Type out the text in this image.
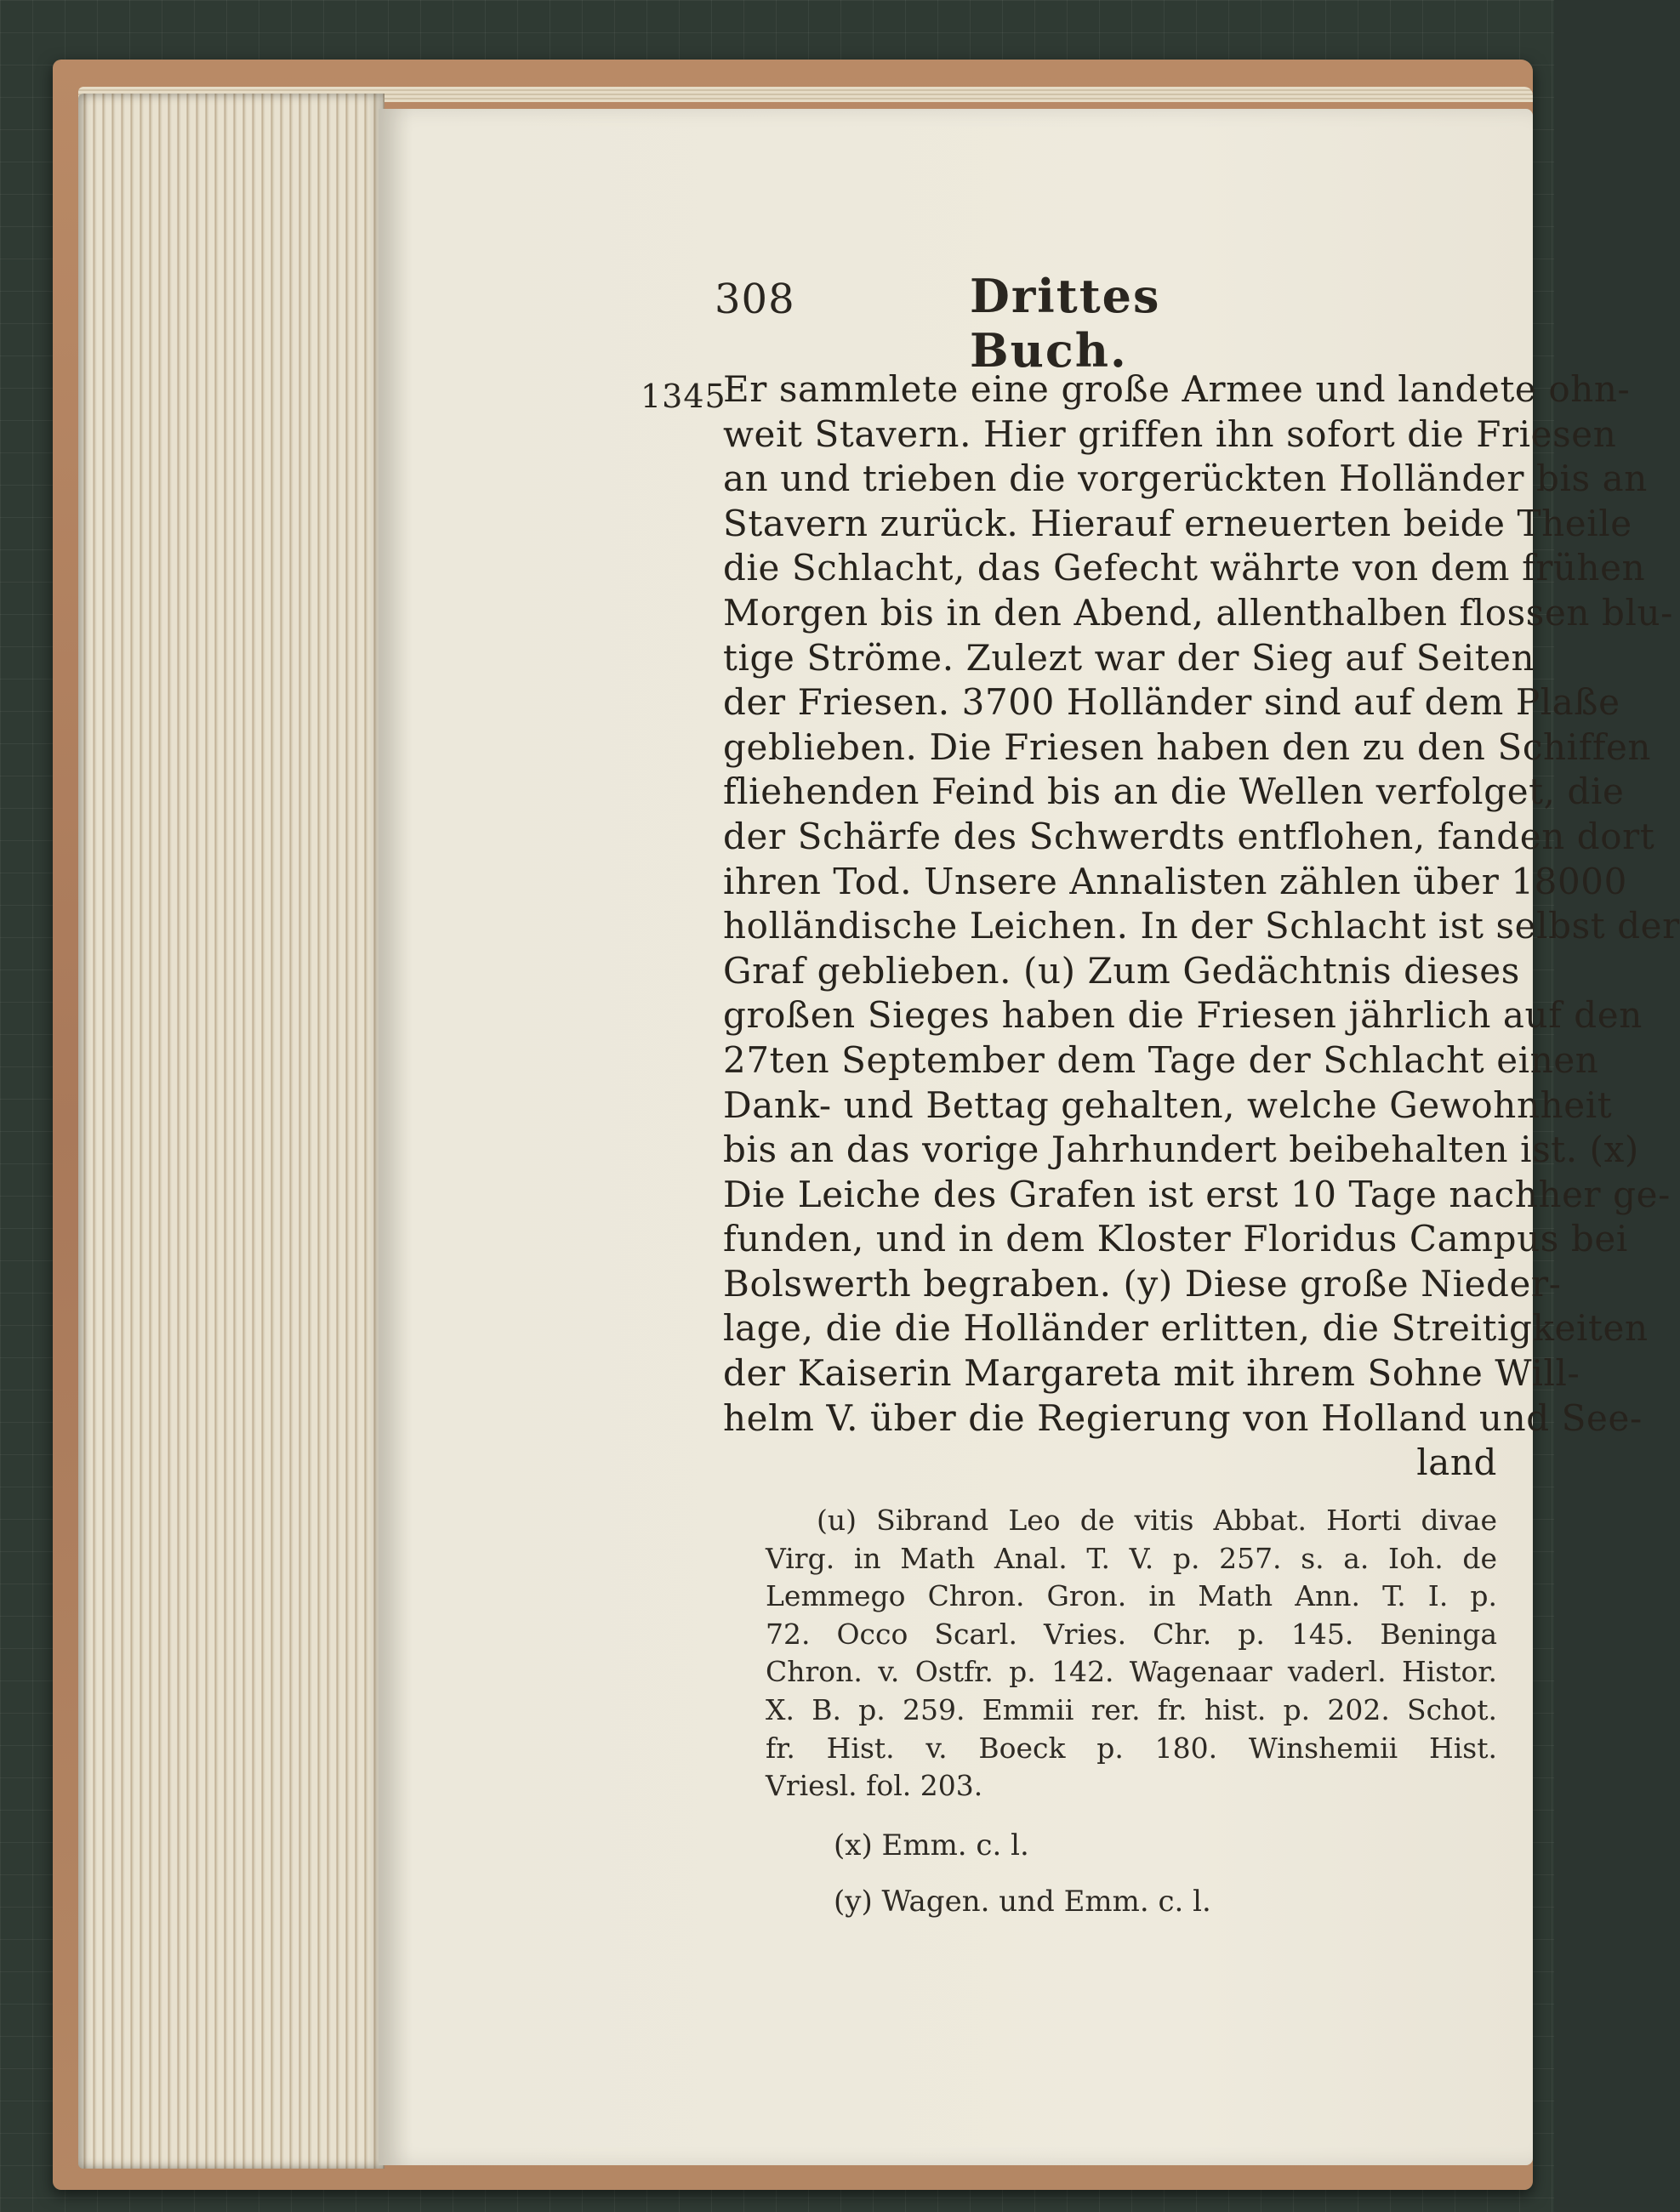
308	Drittes Buch.
1345
Er sammlete eine große Armee und landete ohn-
weit Stavern. Hier griffen ihn sofort die Friesen
an und trieben die vorgerückten Holländer bis an
Stavern zurück. Hierauf erneuerten beide Theile
die Schlacht, das Gefecht währte von dem frühen
Morgen bis in den Abend, allenthalben flossen blu-
tige Ströme. Zulezt war der Sieg auf Seiten
der Friesen. 3700 Holländer sind auf dem Plaße
geblieben. Die Friesen haben den zu den Schiffen
fliehenden Feind bis an die Wellen verfolget, die
der Schärfe des Schwerdts entflohen, fanden dort
ihren Tod. Unsere Annalisten zählen über 18000
holländische Leichen. In der Schlacht ist selbst der
Graf geblieben. (u) Zum Gedächtnis dieses
großen Sieges haben die Friesen jährlich auf den
27ten September dem Tage der Schlacht einen
Dank- und Bettag gehalten, welche Gewohnheit
bis an das vorige Jahrhundert beibehalten ist. (x)
Die Leiche des Grafen ist erst 10 Tage nachher ge-
funden, und in dem Kloster Floridus Campus bei
Bolswerth begraben. (y) Diese große Nieder-
lage, die die Holländer erlitten, die Streitigkeiten
der Kaiserin Margareta mit ihrem Sohne Will-
helm V. über die Regierung von Holland und See-
land
(u) Sibrand Leo de vitis Abbat. Horti divae
Virg. in Math Anal. T. V. p. 257. s. a. Ioh. de
Lemmego Chron. Gron. in Math Ann. T. I. p.
72. Occo Scarl. Vries. Chr. p. 145. Beninga
Chron. v. Ostfr. p. 142. Wagenaar vaderl. Histor.
X. B. p. 259. Emmii rer. fr. hist. p. 202. Schot.
fr. Hist. v. Boeck p. 180. Winshemii Hist.
Vriesl. fol. 203.
(x) Emm. c. l.
(y) Wagen. und Emm. c. l.
